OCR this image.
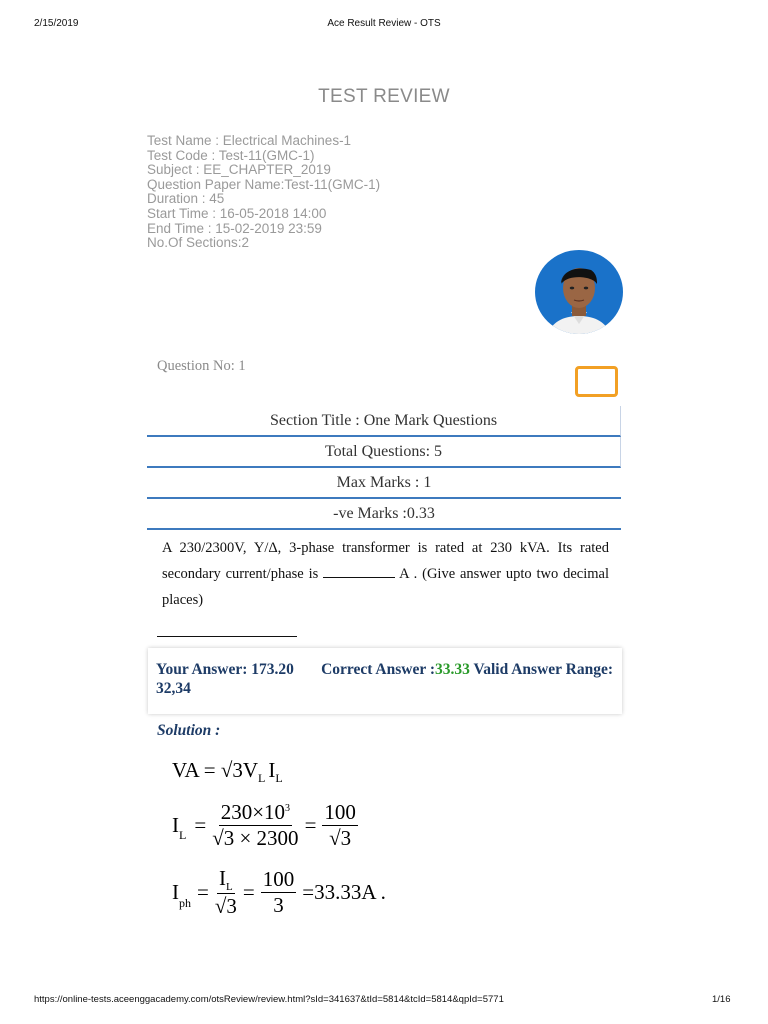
2/15/2019	Ace Result Review - OTS
TEST REVIEW
Test Name : Electrical Machines-1
Test Code : Test-11(GMC-1)
Subject : EE_CHAPTER_2019
Question Paper Name:Test-11(GMC-1)
Duration : 45
Start Time : 16-05-2018 14:00
End Time : 15-02-2019 23:59
No.Of Sections:2
Question No: 1
Section Title : One Mark Questions
Total Questions: 5
Max Marks : 1
-ve Marks :0.33
A 230/2300V, Y/Δ, 3-phase transformer is rated at 230 kVA. Its rated secondary current/phase is	A . (Give answer upto two decimal places)
Your Answer: 173.20 Correct Answer :33.33 Valid Answer Range: 32,34
Solution :
VA = $√3V_L$ $I_L$
$I_L = \frac{230\times 10^3}{√3 \times 2300} = \frac{100}{√3}$
$I_{ph} = \frac{I_L}{√3} = \frac{100}{3} = 33.33A$ .
https://online-tests.aceenggacademy.com/otsReview/review.html?sId=341637&tId=5814&tcId=5814&qpId=5771	1/16
